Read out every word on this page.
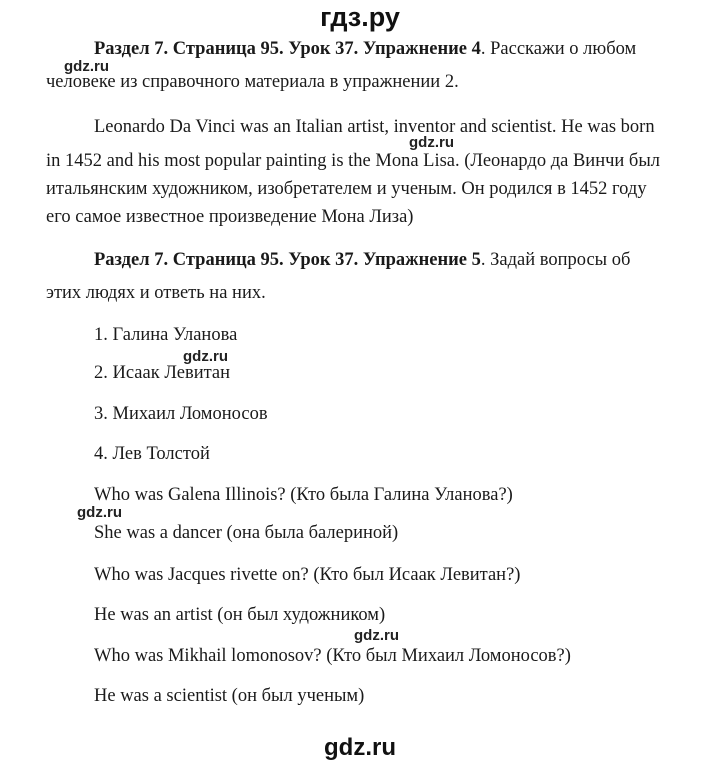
гдз.ру
Раздел 7. Страница 95. Урок 37. Упражнение 4. Расскажи о любом
человеке из справочного материала в упражнении 2.
gdz.ru
Leonardo Da Vinci was an Italian artist, inventor and scientist. He was born
gdz.ru
in 1452 and his most popular painting is the Mona Lisa. (Леонардо да Винчи был
итальянским художником, изобретателем и ученым. Он родился в 1452 году
его самое известное произведение Мона Лиза)
Раздел 7. Страница 95. Урок 37. Упражнение 5. Задай вопросы об
этих людях и ответь на них.
1. Галина Уланова
gdz.ru
2. Исаак Левитан
3. Михаил Ломоносов
4. Лев Толстой
Who was Galena Illinois? (Кто была Галина Уланова?)
gdz.ru
She was a dancer (она была балериной)
Who was Jacques rivette on? (Кто был Исаак Левитан?)
He was an artist (он был художником)
gdz.ru
Who was Mikhail lomonosov? (Кто был Михаил Ломоносов?)
He was a scientist (он был ученым)
gdz.ru
